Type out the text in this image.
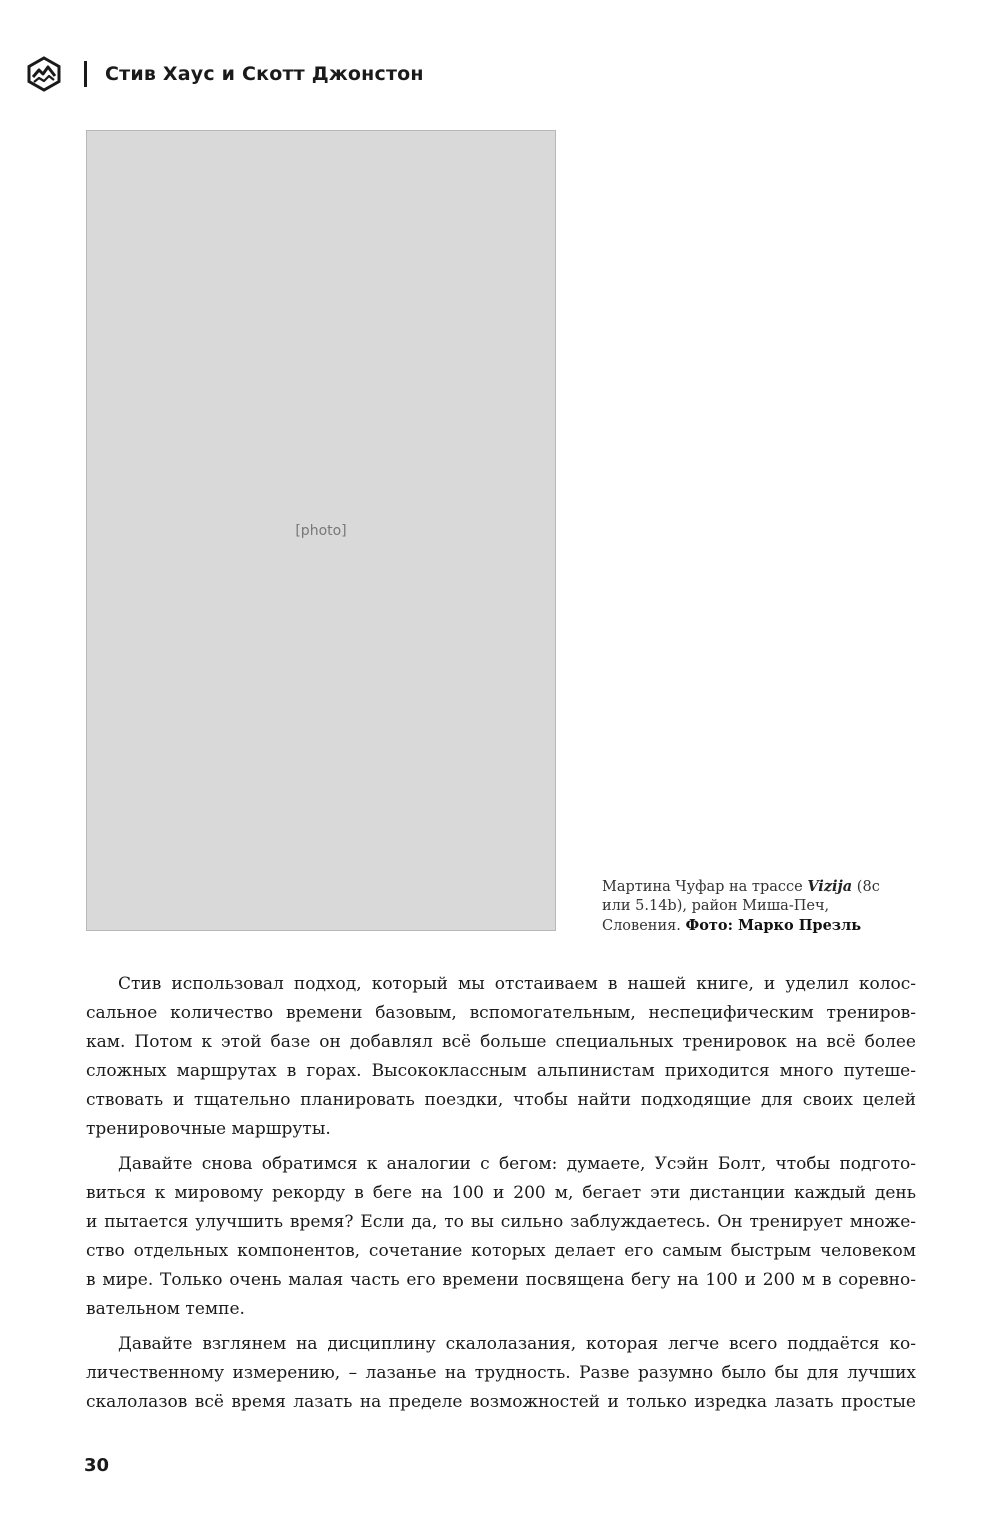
Стив Хаус и Скотт Джонстон
[photo]
Мартина Чуфар на трассе Vizija (8c или 5.14b), район Миша-Печ, Словения. Фото: Марко Презль
Стив использовал подход, который мы отстаиваем в нашей книге, и уделил колос-
сальное количество времени базовым, вспомогательным, неспецифическим трениров-
кам. Потом к этой базе он добавлял всё больше специальных тренировок на всё более
сложных маршрутах в горах. Высококлассным альпинистам приходится много путеше-
ствовать и тщательно планировать поездки, чтобы найти подходящие для своих целей
тренировочные маршруты.
Давайте снова обратимся к аналогии с бегом: думаете, Усэйн Болт, чтобы подгото-
виться к мировому рекорду в беге на 100 и 200 м, бегает эти дистанции каждый день
и пытается улучшить время? Если да, то вы сильно заблуждаетесь. Он тренирует множе-
ство отдельных компонентов, сочетание которых делает его самым быстрым человеком
в мире. Только очень малая часть его времени посвящена бегу на 100 и 200 м в соревно-
вательном темпе.
Давайте взглянем на дисциплину скалолазания, которая легче всего поддаётся ко-
личественному измерению, – лазанье на трудность. Разве разумно было бы для лучших
скалолазов всё время лазать на пределе возможностей и только изредка лазать простые
30
